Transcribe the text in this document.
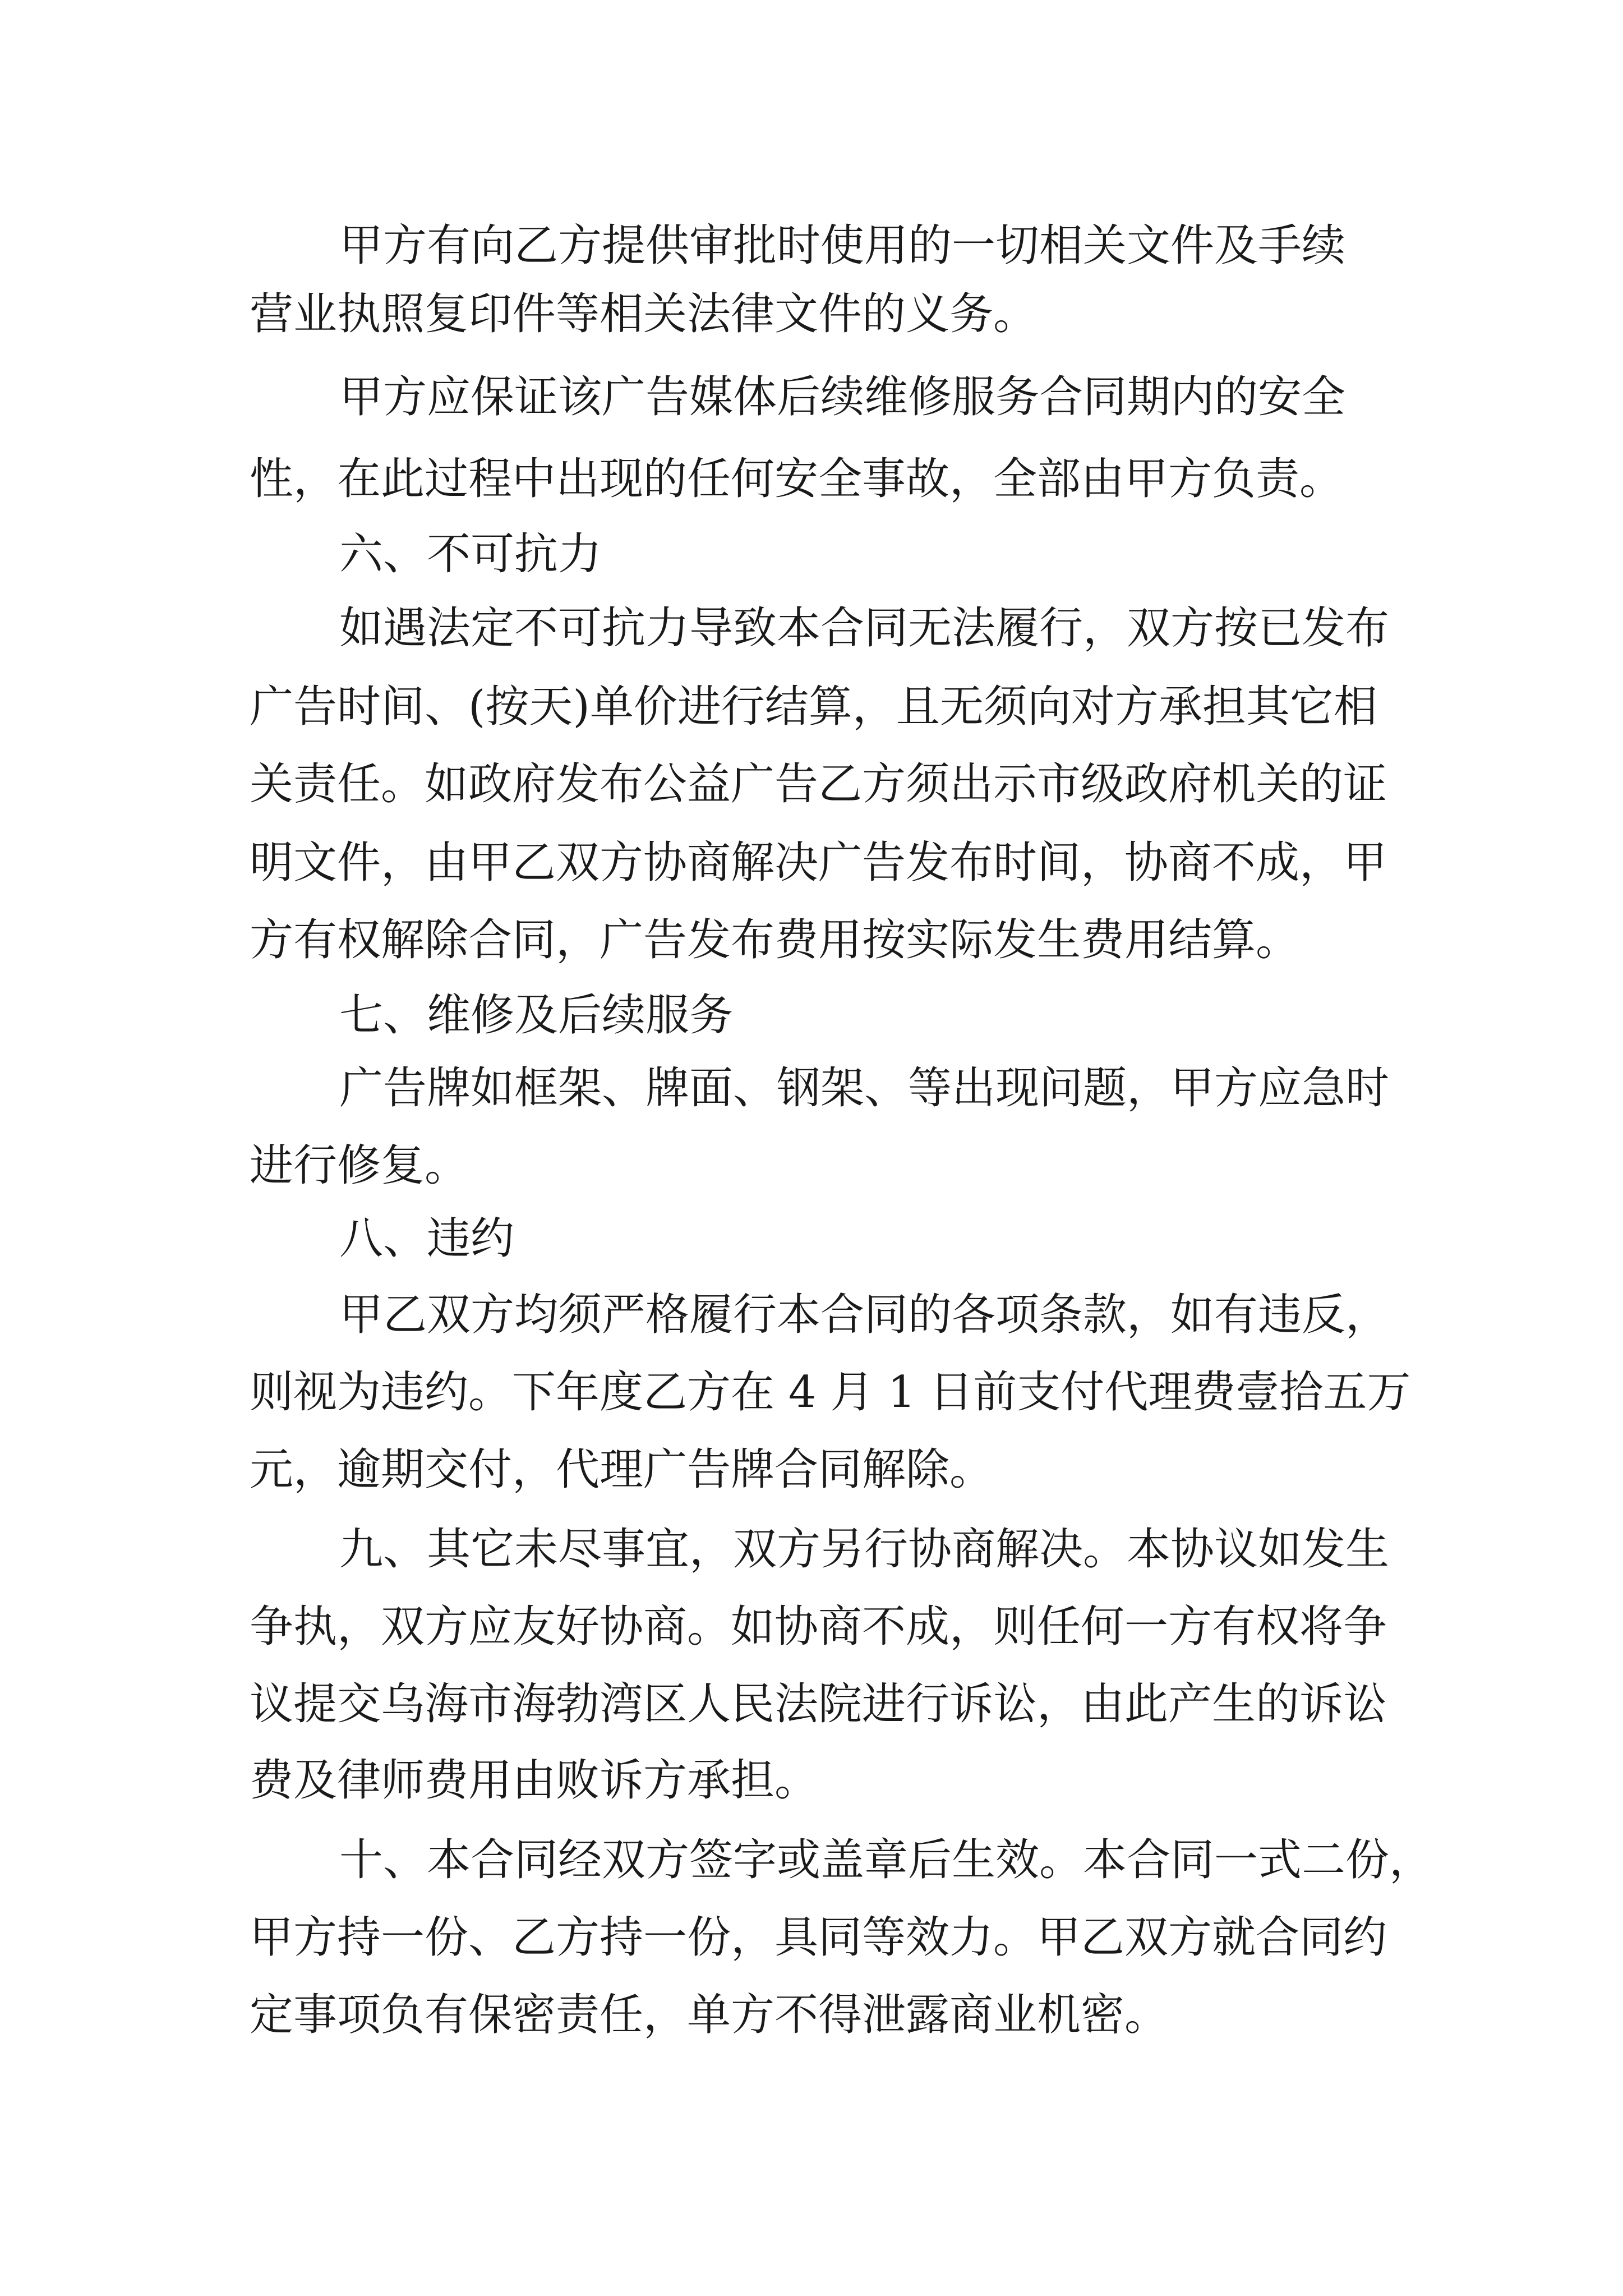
甲方有向乙方提供审批时使用的一切相关文件及手续
营业执照复印件等相关法律文件的义务。
甲方应保证该广告媒体后续维修服务合同期内的安全
性，在此过程中出现的任何安全事故，全部由甲方负责。
六、不可抗力
如遇法定不可抗力导致本合同无法履行，双方按已发布
广告时间、(按天)单价进行结算，且无须向对方承担其它相
关责任。如政府发布公益广告乙方须出示市级政府机关的证
明文件，由甲乙双方协商解决广告发布时间，协商不成，甲
方有权解除合同，广告发布费用按实际发生费用结算。
七、维修及后续服务
广告牌如框架、牌面、钢架、等出现问题，甲方应急时
进行修复。
八、违约
甲乙双方均须严格履行本合同的各项条款，如有违反，
则视为违约。下年度乙方在 4 月 1 日前支付代理费壹拾五万
元，逾期交付，代理广告牌合同解除。
九、其它未尽事宜，双方另行协商解决。本协议如发生
争执，双方应友好协商。如协商不成，则任何一方有权将争
议提交乌海市海勃湾区人民法院进行诉讼，由此产生的诉讼
费及律师费用由败诉方承担。
十、本合同经双方签字或盖章后生效。本合同一式二份，
甲方持一份、乙方持一份，具同等效力。甲乙双方就合同约
定事项负有保密责任，单方不得泄露商业机密。
